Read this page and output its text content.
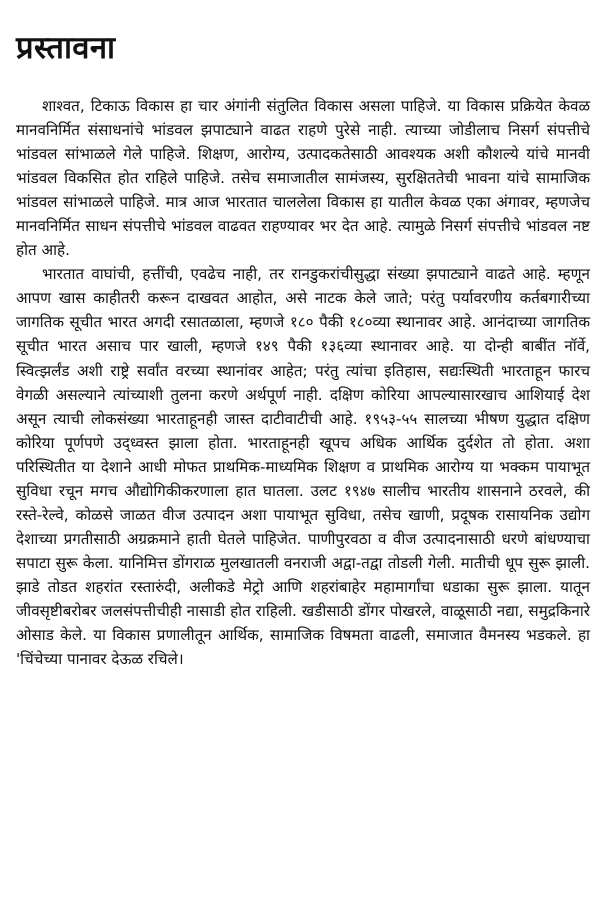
प्रस्तावना

शाश्वत, टिकाऊ विकास हा चार अंगांनी संतुलित विकास असला पाहिजे. या विकास प्रक्रियेत केवळ मानवनिर्मित संसाधनांचे भांडवल झपाट्याने वाढत राहणे पुरेसे नाही. त्याच्या जोडीलाच निसर्ग संपत्तीचे भांडवल सांभाळले गेले पाहिजे. शिक्षण, आरोग्य, उत्पादकतेसाठी आवश्यक अशी कौशल्ये यांचे मानवी भांडवल विकसित होत राहिले पाहिजे. तसेच समाजातील सामंजस्य, सुरक्षिततेची भावना यांचे सामाजिक भांडवल सांभाळले पाहिजे. मात्र आज भारतात चाललेला विकास हा यातील केवळ एका अंगावर, म्हणजेच मानवनिर्मित साधन संपत्तीचे भांडवल वाढवत राहण्यावर भर देत आहे. त्यामुळे निसर्ग संपत्तीचे भांडवल नष्ट होत आहे.

भारतात वाघांची, हत्तींची, एवढेच नाही, तर रानडुकरांचीसुद्धा संख्या झपाट्याने वाढते आहे. म्हणून आपण खास काहीतरी करून दाखवत आहोत, असे नाटक केले जाते; परंतु पर्यावरणीय कर्तबगारीच्या जागतिक सूचीत भारत अगदी रसातळाला, म्हणजे १८० पैकी १८०व्या स्थानावर आहे. आनंदाच्या जागतिक सूचीत भारत असाच पार खाली, म्हणजे १४९ पैकी १३६व्या स्थानावर आहे. या दोन्ही बाबींत नॉर्वे, स्वित्झर्लंड अशी राष्ट्रे सर्वांत वरच्या स्थानांवर आहेत; परंतु त्यांचा इतिहास, सद्यःस्थिती भारताहून फारच वेगळी असल्याने त्यांच्याशी तुलना करणे अर्थपूर्ण नाही. दक्षिण कोरिया आपल्यासारखाच आशियाई देश असून त्याची लोकसंख्या भारताहूनही जास्त दाटीवाटीची आहे. १९५३-५५ सालच्या भीषण युद्धात दक्षिण कोरिया पूर्णपणे उद्ध्वस्त झाला होता. भारताहूनही खूपच अधिक आर्थिक दुर्दशेत तो होता. अशा परिस्थितीत या देशाने आधी मोफत प्राथमिक-माध्यमिक शिक्षण व प्राथमिक आरोग्य या भक्कम पायाभूत सुविधा रचून मगच औद्योगिकीकरणाला हात घातला. उलट १९४७ सालीच भारतीय शासनाने ठरवले, की रस्ते-रेल्वे, कोळसे जाळत वीज उत्पादन अशा पायाभूत सुविधा, तसेच खाणी, प्रदूषक रासायनिक उद्योग देशाच्या प्रगतीसाठी अग्रक्रमाने हाती घेतले पाहिजेत. पाणीपुरवठा व वीज उत्पादनासाठी धरणे बांधण्याचा सपाटा सुरू केला. यानिमित्त डोंगराळ मुलखातली वनराजी अद्वा-तद्वा तोडली गेली. मातीची धूप सुरू झाली. झाडे तोडत शहरांत रस्तारुंदी, अलीकडे मेट्रो आणि शहरांबाहेर महामार्गांचा धडाका सुरू झाला. यातून जीवसृष्टीबरोबर जलसंपत्तीचीही नासाडी होत राहिली. खडीसाठी डोंगर पोखरले, वाळूसाठी नद्या, समुद्रकिनारे ओसाड केले. या विकास प्रणालीतून आर्थिक, सामाजिक विषमता वाढली, समाजात वैमनस्य भडकले. हा 'चिंचेच्या पानावर देऊळ रचिले।
